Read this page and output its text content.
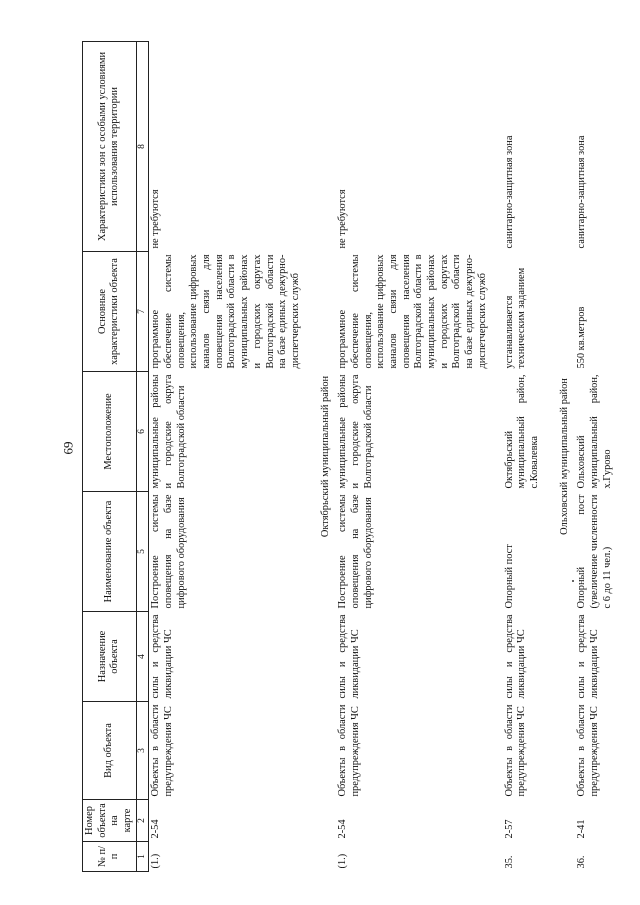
69
№ п/п	Номер объекта на карте	Вид объекта	Назначение объекта	Наименование объекта	Местоположение	Основные характеристики объекта	Характеристики зон с особыми условиями использования территории
1	2	3	4	5	6	7	8
(1.)	2-54	Объекты в области предупреждения ЧС	силы и средства ликвидации ЧС	Построение системы оповещения на базе цифрового оборудования	муниципальные районы и городские округа Волгоградской области	программное обеспечение системы оповещения, использование цифровых каналов связи для оповещения населения Волгоградской области в муниципальных районах и городских округах Волгоградской области на базе единых дежурно-диспетчерских служб	не требуются

Октябрьский муниципальный район							
(1.)	2-54	Объекты в области предупреждения ЧС	силы и средства ликвидации ЧС	Построение системы оповещения на базе цифрового оборудования	муниципальные районы и городские округа Волгоградской области	программное обеспечение системы оповещения, использование цифровых каналов связи для оповещения населения Волгоградской области в муниципальных районах и городских округах Волгоградской области на базе единых дежурно-диспетчерских служб	не требуются

35.	2-57	Объекты в области предупреждения ЧС	силы и средства ликвидации ЧС	Опорный пост	Октябрьский муниципальный район, с.Ковалевка	устанавливается техническим заданием	санитарно-защитная зона

Ольховский муниципальный район							
36.	2-41	Объекты в области предупреждения ЧС	силы и средства ликвидации ЧС	Опорный пост (увеличение численности с 6 до 11 чел.)	Ольховский муниципальный район, х.Гурово	550 кв.метров	санитарно-защитная зона
